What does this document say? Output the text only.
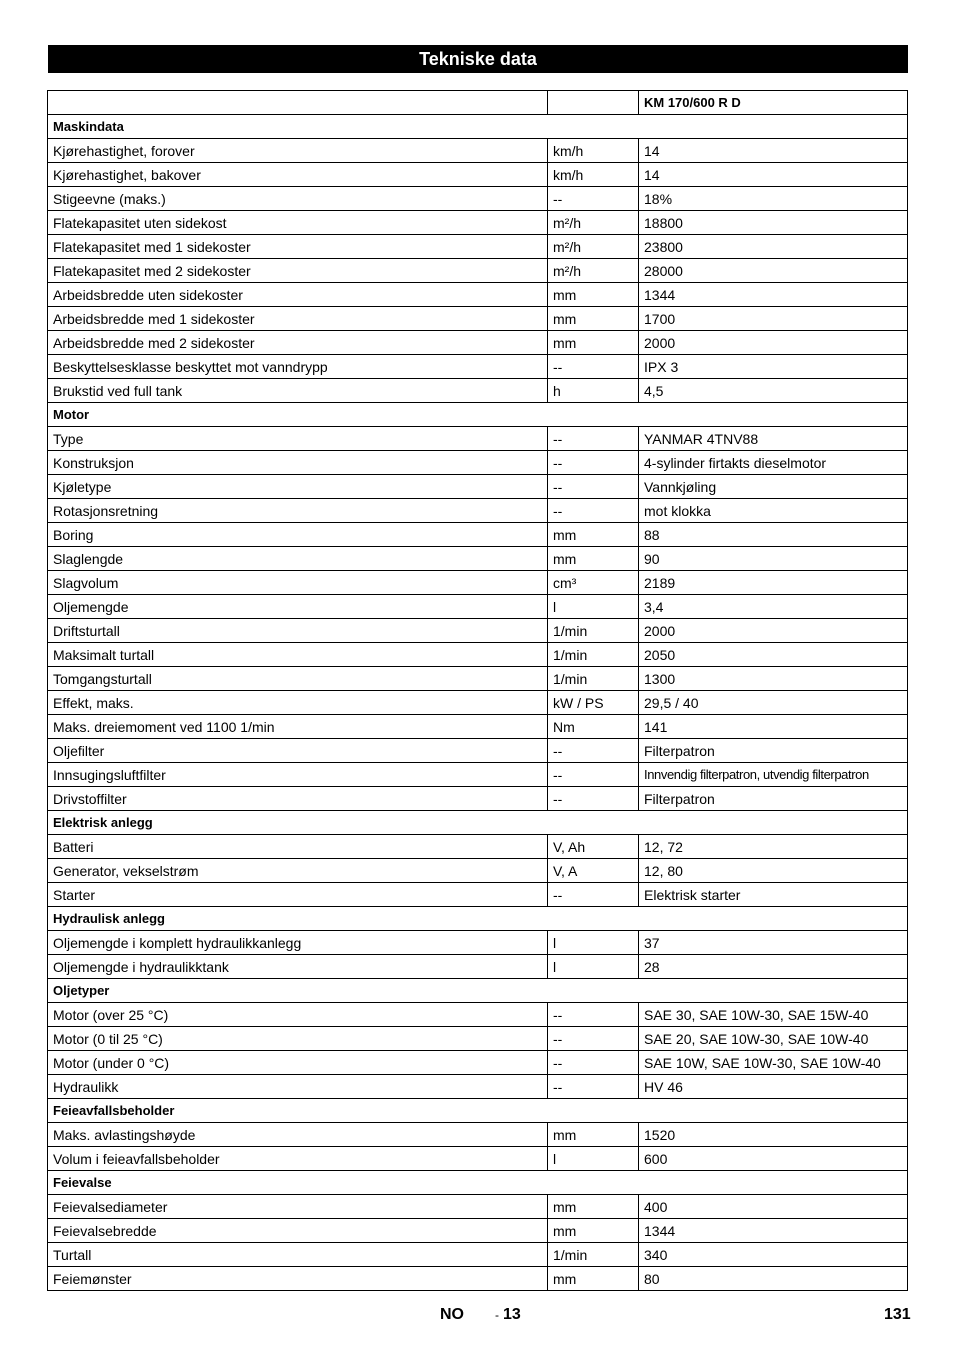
Tekniske data
		KM 170/600 R D
Maskindata		
Kjørehastighet, forover	km/h	14
Kjørehastighet, bakover	km/h	14
Stigeevne (maks.)	--	18%
Flatekapasitet uten sidekost	m²/h	18800
Flatekapasitet med 1 sidekoster	m²/h	23800
Flatekapasitet med 2 sidekoster	m²/h	28000
Arbeidsbredde uten sidekoster	mm	1344
Arbeidsbredde med 1 sidekoster	mm	1700
Arbeidsbredde med 2 sidekoster	mm	2000
Beskyttelsesklasse beskyttet mot vanndrypp	--	IPX 3
Brukstid ved full tank	h	4,5
Motor		
Type	--	YANMAR 4TNV88
Konstruksjon	--	4-sylinder firtakts dieselmotor
Kjøletype	--	Vannkjøling
Rotasjonsretning	--	mot klokka
Boring	mm	88
Slaglengde	mm	90
Slagvolum	cm³	2189
Oljemengde	l	3,4
Driftsturtall	1/min	2000
Maksimalt turtall	1/min	2050
Tomgangsturtall	1/min	1300
Effekt, maks.	kW / PS	29,5 / 40
Maks. dreiemoment ved 1100 1/min	Nm	141
Oljefilter	--	Filterpatron
Innsugingsluftfilter	--	Innvendig filterpatron, utvendig filterpatron
Drivstoffilter	--	Filterpatron
Elektrisk anlegg		
Batteri	V, Ah	12, 72
Generator, vekselstrøm	V, A	12, 80
Starter	--	Elektrisk starter
Hydraulisk anlegg		
Oljemengde i komplett hydraulikkanlegg	l	37
Oljemengde i hydraulikktank	l	28
Oljetyper		
Motor (over 25 °C)	--	SAE 30, SAE 10W-30, SAE 15W-40
Motor (0 til 25 °C)	--	SAE 20, SAE 10W-30, SAE 10W-40
Motor (under 0 °C)	--	SAE 10W, SAE 10W-30, SAE 10W-40
Hydraulikk	--	HV 46
Feieavfallsbeholder		
Maks. avlastingshøyde	mm	1520
Volum i feieavfallsbeholder	l	600
Feievalse		
Feievalsediameter	mm	400
Feievalsebredde	mm	1344
Turtall	1/min	340
Feiemønster	mm	80
NO	- 13	131
